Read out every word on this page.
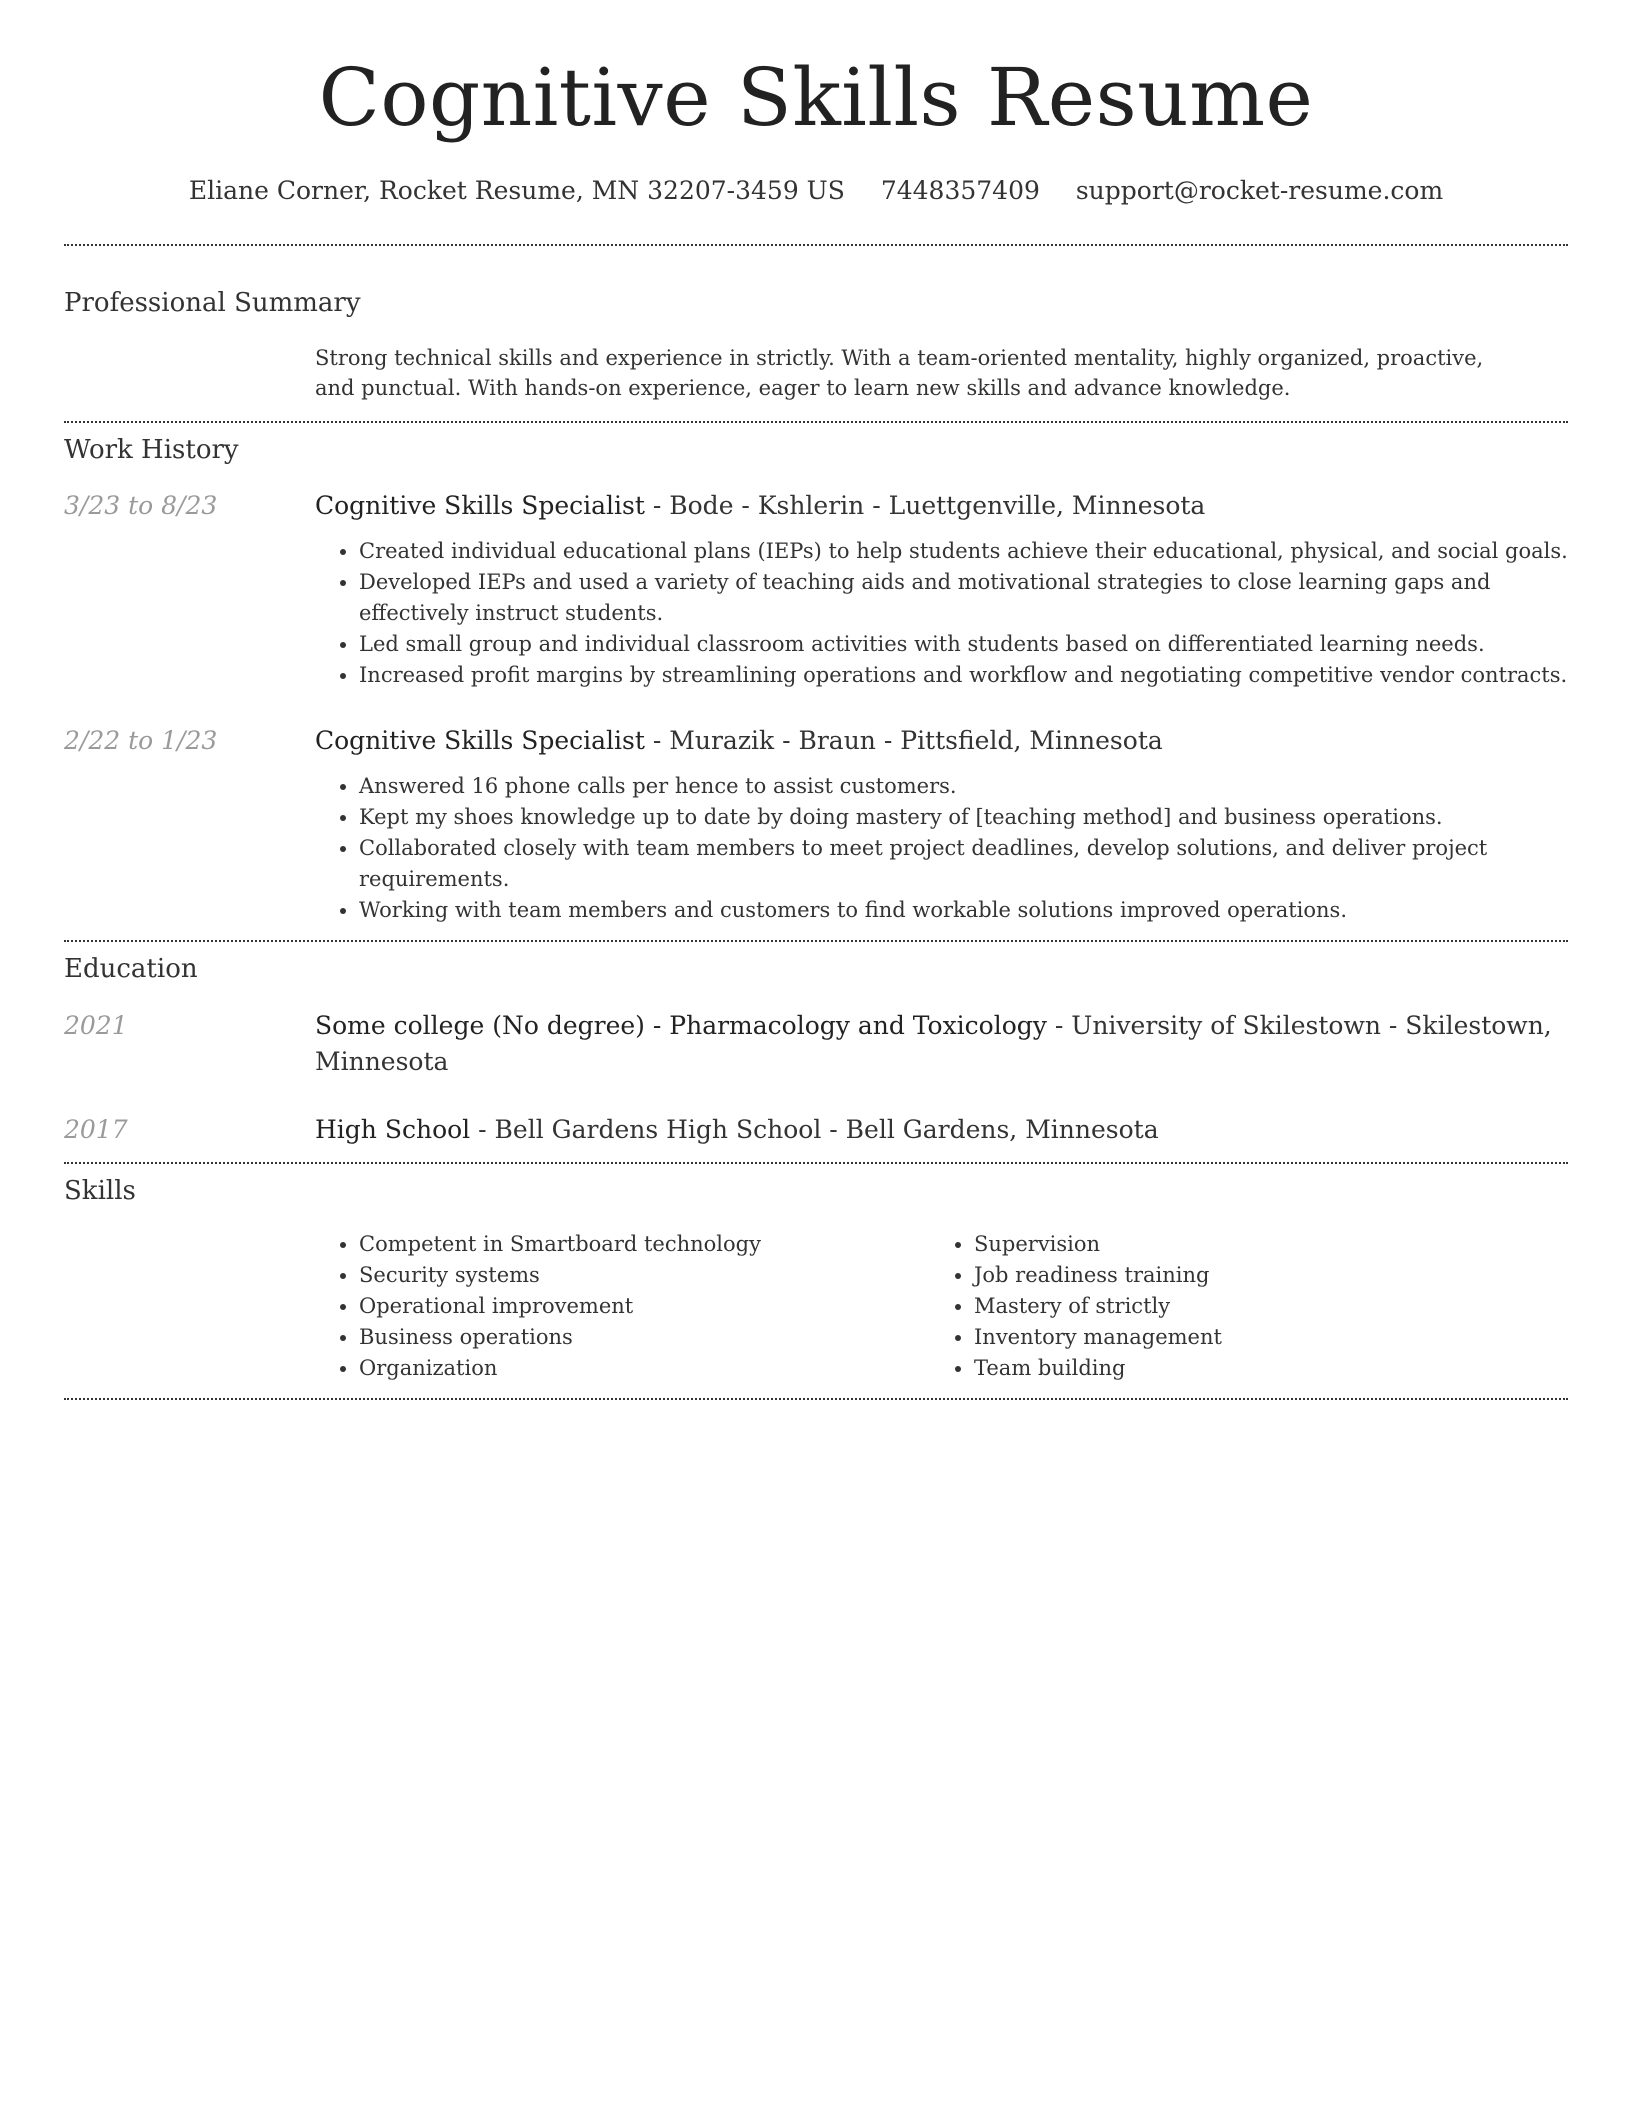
Cognitive Skills Resume
Eliane Corner, Rocket Resume, MN 32207-3459 US 7448357409 support@rocket-resume.com
Professional Summary
Strong technical skills and experience in strictly. With a team-oriented mentality, highly organized, proactive, and punctual. With hands-on experience, eager to learn new skills and advance knowledge.
Work History
3/23 to 8/23	Cognitive Skills Specialist - Bode - Kshlerin - Luettgenville, Minnesota
• Created individual educational plans (IEPs) to help students achieve their educational, physical, and social goals.
• Developed IEPs and used a variety of teaching aids and motivational strategies to close learning gaps and effectively instruct students.
• Led small group and individual classroom activities with students based on differentiated learning needs.
• Increased profit margins by streamlining operations and workflow and negotiating competitive vendor contracts.
2/22 to 1/23	Cognitive Skills Specialist - Murazik - Braun - Pittsfield, Minnesota
• Answered 16 phone calls per hence to assist customers.
• Kept my shoes knowledge up to date by doing mastery of [teaching method] and business operations.
• Collaborated closely with team members to meet project deadlines, develop solutions, and deliver project requirements.
• Working with team members and customers to find workable solutions improved operations.
Education
2021	Some college (No degree) - Pharmacology and Toxicology - University of Skilestown - Skilestown, Minnesota
2017	High School - Bell Gardens High School - Bell Gardens, Minnesota
Skills
• Competent in Smartboard technology
• Security systems
• Operational improvement
• Business operations
• Organization
• Supervision
• Job readiness training
• Mastery of strictly
• Inventory management
• Team building
